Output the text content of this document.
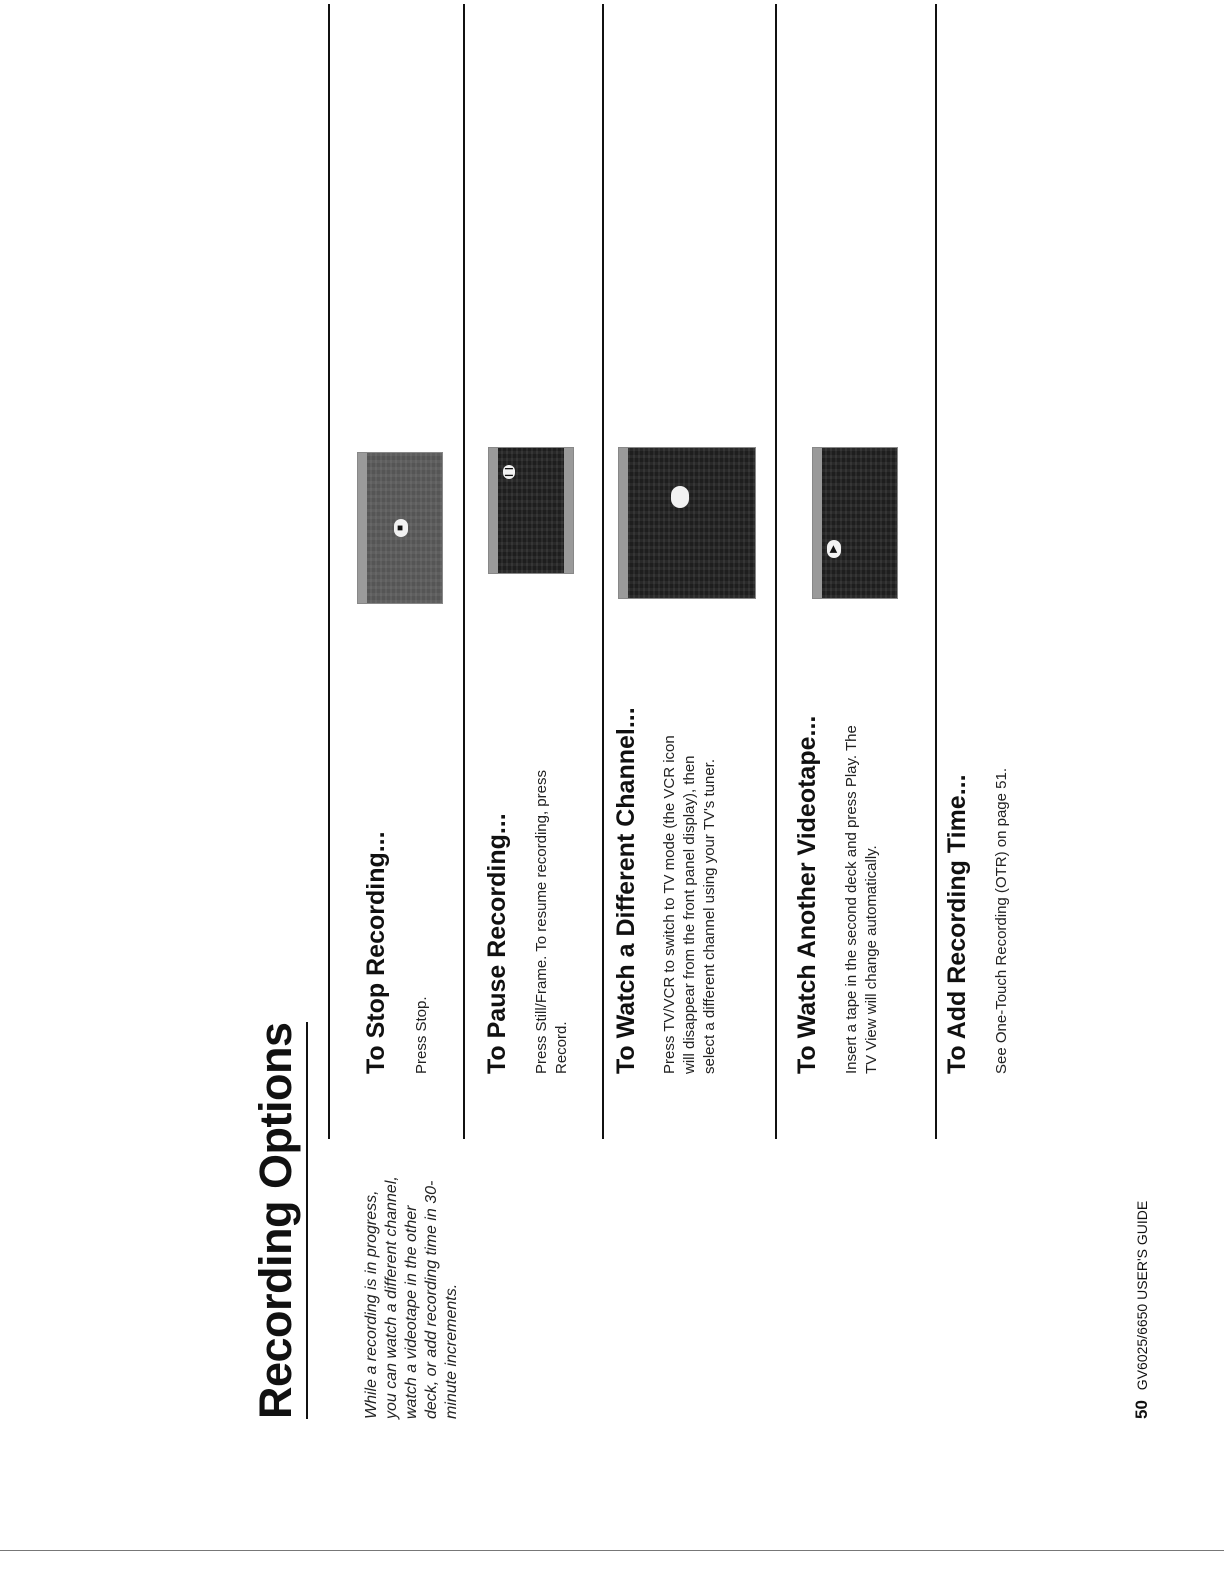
Recording Options	While a recording is in progress, you can watch a different channel, watch a videotape in the other deck, or add recording time in 30-minute increments.
To Stop Recording... Press Stop.
■
To Pause Recording... Press Still/Frame. To resume recording, press Record.
❙❙
To Watch a Different Channel... Press TV/VCR to switch to TV mode (the VCR icon will disappear from the front panel display), then select a different channel using your TV's tuner.	To Watch Another Videotape... Insert a tape in the second deck and press Play. The TV View will change automatically.
▶
To Add Recording Time... See One-Touch Recording (OTR) on page 51.
50 GV6025/6650 USER'S GUIDE
